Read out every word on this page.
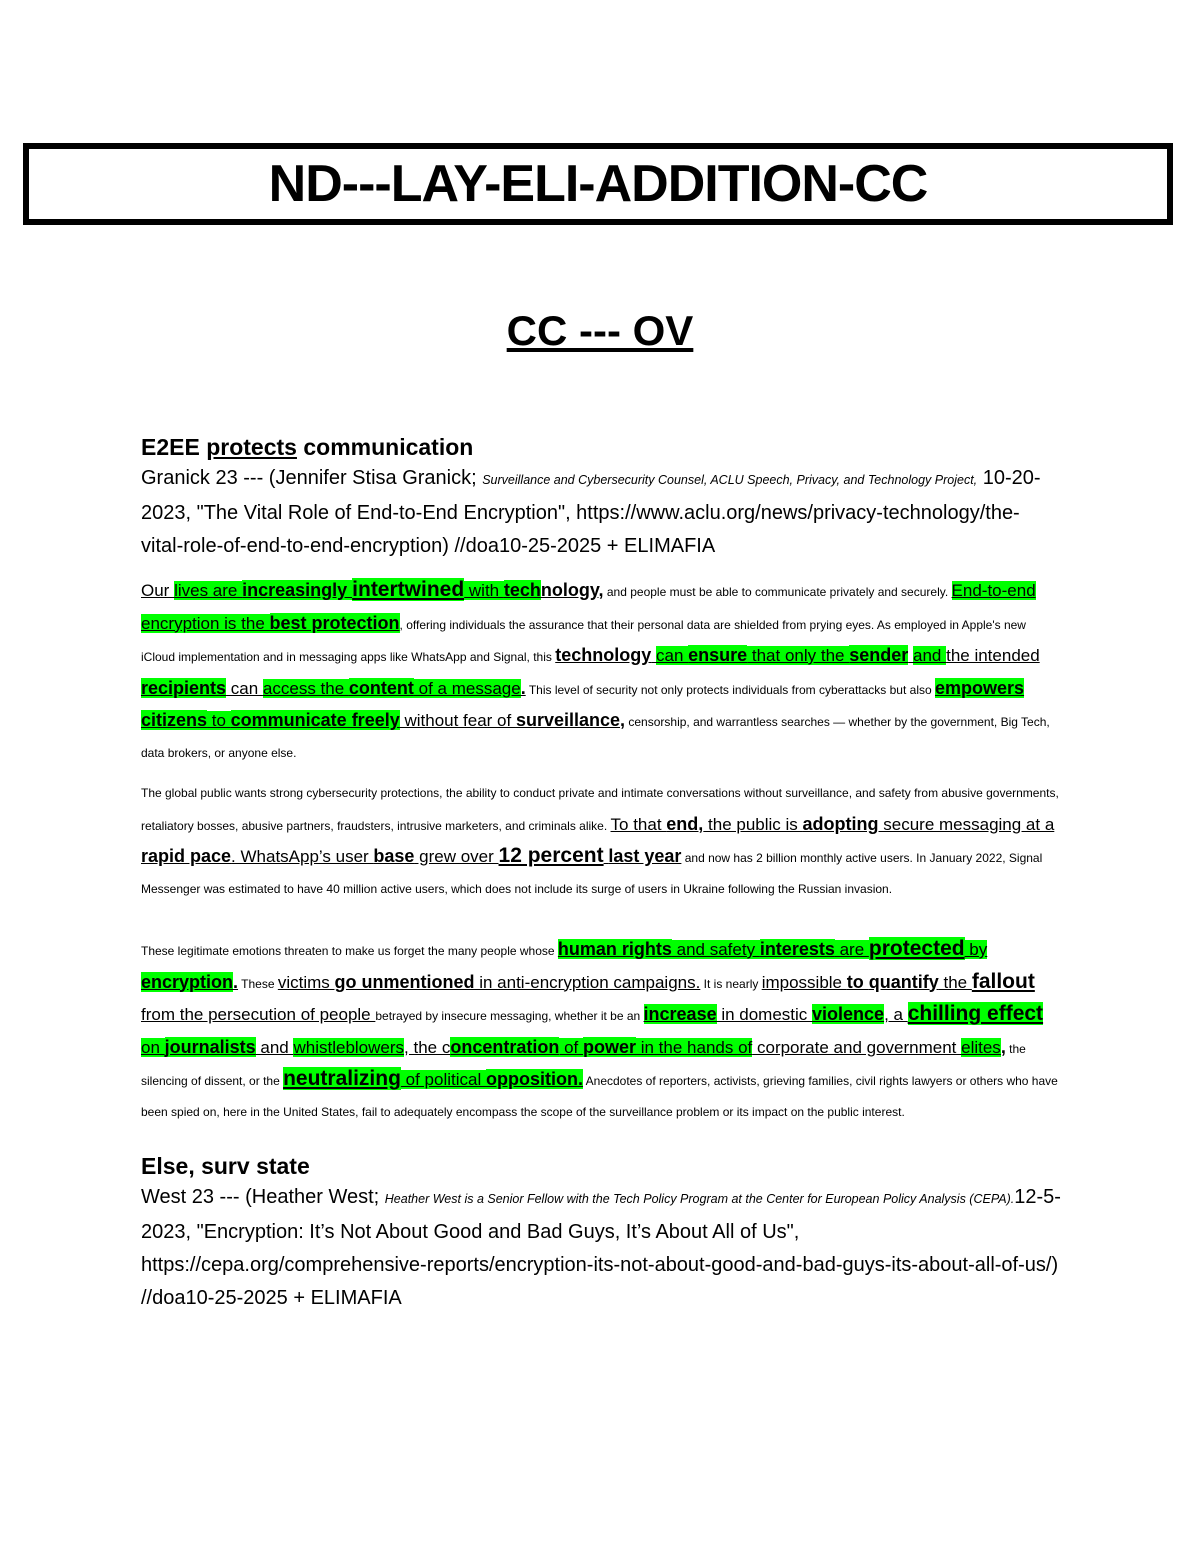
ND---LAY-ELI-ADDITION-CC
CC --- OV

E2EE protects communication

Granick 23 --- (Jennifer Stisa Granick; Surveillance and Cybersecurity Counsel, ACLU Speech, Privacy, and Technology Project, 10-20-2023, "The Vital Role of End-to-End Encryption", https://www.aclu.org/news/privacy-technology/the-vital-role-of-end-to-end-encryption) //doa10-25-2025 + ELIMAFIA

Our lives are increasingly intertwined with technology, and people must be able to communicate privately and securely. End-to-end encryption is the best protection, offering individuals the assurance that their personal data are shielded from prying eyes. As employed in Apple's new iCloud implementation and in messaging apps like WhatsApp and Signal, this technology can ensure that only the sender and the intended recipients can access the content of a message. This level of security not only protects individuals from cyberattacks but also empowers citizens to communicate freely without fear of surveillance, censorship, and warrantless searches — whether by the government, Big Tech, data brokers, or anyone else.

The global public wants strong cybersecurity protections, the ability to conduct private and intimate conversations without surveillance, and safety from abusive governments, retaliatory bosses, abusive partners, fraudsters, intrusive marketers, and criminals alike. To that end, the public is adopting secure messaging at a rapid pace. WhatsApp’s user base grew over 12 percent last year and now has 2 billion monthly active users. In January 2022, Signal Messenger was estimated to have 40 million active users, which does not include its surge of users in Ukraine following the Russian invasion.

These legitimate emotions threaten to make us forget the many people whose human rights and safety interests are protected by encryption. These victims go unmentioned in anti-encryption campaigns. It is nearly impossible to quantify the fallout from the persecution of people betrayed by insecure messaging, whether it be an increase in domestic violence, a chilling effect on journalists and whistleblowers, the concentration of power in the hands of corporate and government elites, the silencing of dissent, or the neutralizing of political opposition. Anecdotes of reporters, activists, grieving families, civil rights lawyers or others who have been spied on, here in the United States, fail to adequately encompass the scope of the surveillance problem or its impact on the public interest.

Else, surv state

West 23 --- (Heather West; Heather West is a Senior Fellow with the Tech Policy Program at the Center for European Policy Analysis (CEPA).12-5-2023, "Encryption: It’s Not About Good and Bad Guys, It’s About All of Us", https://cepa.org/comprehensive-reports/encryption-its-not-about-good-and-bad-guys-its-about-all-of-us/) //doa10-25-2025 + ELIMAFIA
